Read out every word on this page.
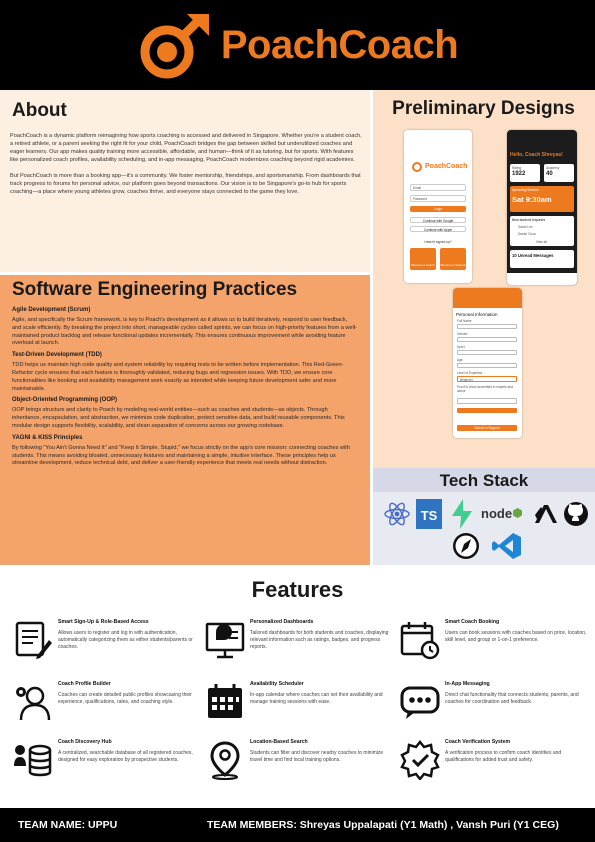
PoachCoach
About

PoachCoach is a dynamic platform reimagining how sports coaching is accessed and delivered in Singapore. Whether you're a student coach, a retired athlete, or a parent seeking the right fit for your child, PoachCoach bridges the gap between skilled but underutilized coaches and eager learners. Our app makes quality training more accessible, affordable, and human—think of it as tutoring, but for sports. With features like personalized coach profiles, availability scheduling, and in-app messaging, PoachCoach modernizes coaching beyond rigid academies.

But PoachCoach is more than a booking app—it's a community. We foster mentorship, friendships, and sportsmanship. From dashboards that track progress to forums for personal advice, our platform goes beyond transactions. Our vision is to be Singapore's go-to hub for sports coaching—a place where young athletes grow, coaches thrive, and everyone stays connected to the game they love.

Preliminary Designs
PoachCoach
Email
Password
Login
Continue with Google
Continue with Apple
Haven't signed up?
Become a Coach	Become a Student
Hello, Coach Shreyas!
Rating
1922
Academy
40
Upcoming Session
Sat 9:30am
New student requests
Sarah Lim
Daniel Chua
View all
10 Unread Messages
Personal Information
Full Name
Gender
Sport
Age
Level of Expertise
Beginner
Proof to show accredited in experts and above
Submit in Support
Software Engineering Practices
Agile Development (Scrum)

Agile, and specifically the Scrum framework, is key to Poach's development as it allows us to build iteratively, respond to user feedback, and scale efficiently. By breaking the project into short, manageable cycles called sprints, we can focus on high-priority features from a well-maintained product backlog and release functional updates incrementally. This ensures continuous improvement while avoiding feature overload at launch.

Test-Driven Development (TDD)

TDD helps us maintain high code quality and system reliability by requiring tests to be written before implementation. This Red-Green-Refactor cycle ensures that each feature is thoroughly validated, reducing bugs and regression issues. With TDD, we ensure core functionalities like booking and availability management work exactly as intended while keeping future development safer and more maintainable.

Object-Oriented Programming (OOP)

OOP brings structure and clarity to Poach by modeling real-world entities—such as coaches and students—as objects. Through inheritance, encapsulation, and abstraction, we minimize code duplication, protect sensitive data, and build reusable components. This modular design supports flexibility, scalability, and clean separation of concerns across our growing codebase.

YAGNI & KISS Principles

By following "You Ain't Gonna Need It" and "Keep It Simple, Stupid," we focus strictly on the app's core mission: connecting coaches with students. This means avoiding bloated, unnecessary features and maintaining a simple, intuitive interface. These principles help us streamline development, reduce technical debt, and deliver a user-friendly experience that meets real needs without distraction.

Tech Stack
TS	node
Features
Smart Sign-Up & Role-Based Access
Allows users to register and log in with authentication, automatically categorizing them as either students/parents or coaches.
Personalized Dashboards
Tailored dashboards for both students and coaches, displaying relevant information such as ratings, badges, and progress reports.
Smart Coach Booking
Users can book sessions with coaches based on price, location, skill level, and group or 1-on-1 preference.
Coach Profile Builder
Coaches can create detailed public profiles showcasing their experience, qualifications, rates, and coaching style.
Availability Scheduler
In-app calendar where coaches can set their availability and manage training sessions with ease.
In-App Messaging
Direct chat functionality that connects students, parents, and coaches for coordination and feedback.
Coach Discovery Hub
A centralized, searchable database of all registered coaches, designed for easy exploration by prospective students.
Location-Based Search
Students can filter and discover nearby coaches to minimize travel time and find local training options.
Coach Verification System
A verification process to confirm coach identities and qualifications for added trust and safety.
TEAM NAME: UPPU	TEAM MEMBERS: Shreyas Uppalapati (Y1 Math) , Vansh Puri (Y1 CEG)
